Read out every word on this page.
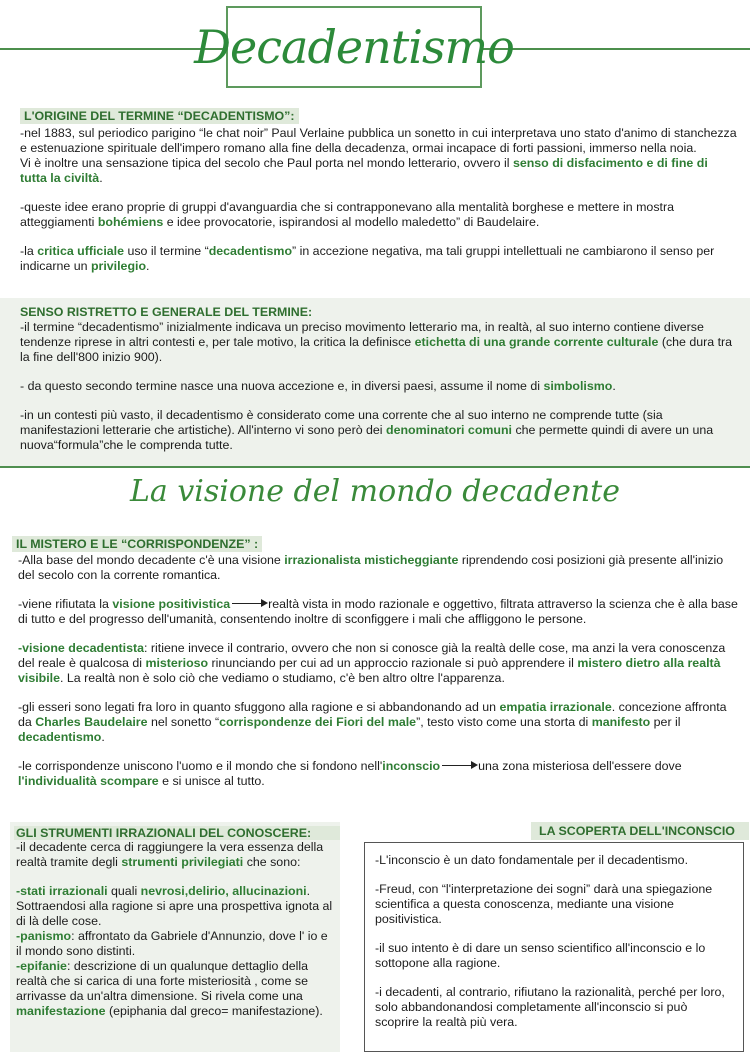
Decadentismo
L'ORIGINE DEL TERMINE “DECADENTISMO”:

-nel 1883, sul periodico parigino “le chat noir” Paul Verlaine pubblica un sonetto in cui interpretava uno stato d'animo di stanchezza e estenuazione spirituale dell'impero romano alla fine della decadenza, ormai incapace di forti passioni, immerso nella noia.

Vi è inoltre una sensazione tipica del secolo che Paul porta nel mondo letterario, ovvero il senso di disfacimento e di fine di tutta la civiltà.

-queste idee erano proprie di gruppi d'avanguardia che si contrapponevano alla mentalità borghese e mettere in mostra atteggiamenti bohémiens e idee provocatorie, ispirandosi al modello maledetto” di Baudelaire.

-la critica ufficiale uso il termine “decadentismo” in accezione negativa, ma tali gruppi intellettuali ne cambiarono il senso per indicarne un privilegio.

SENSO RISTRETTO E GENERALE DEL TERMINE:

-il termine “decadentismo” inizialmente indicava un preciso movimento letterario ma, in realtà, al suo interno contiene diverse tendenze riprese in altri contesti e, per tale motivo, la critica la definisce etichetta di una grande corrente culturale (che dura tra la fine dell'800 inizio 900).

- da questo secondo termine nasce una nuova accezione e, in diversi paesi, assume il nome di simbolismo.

-in un contesti più vasto, il decadentismo è considerato come una corrente che al suo interno ne comprende tutte (sia manifestazioni letterarie che artistiche). All'interno vi sono però dei denominatori comuni che permette quindi di avere un una nuova“formula”che le comprenda tutte.

La visione del mondo decadente
IL MISTERO E LE “CORRISPONDENZE” :

-Alla base del mondo decadente c'è una visione irrazionalista misticheggiante riprendendo cosi posizioni già presente all'inizio del secolo con la corrente romantica.

-viene rifiutata la visione positivistica	realtà vista in modo razionale e oggettivo, filtrata attraverso la scienza che è alla base di tutto e del progresso dell'umanità, consentendo inoltre di sconfiggere i mali che affliggono le persone.

-visione decadentista: ritiene invece il contrario, ovvero che non si conosce già la realtà delle cose, ma anzi la vera conoscenza del reale è qualcosa di misterioso rinunciando per cui ad un approccio razionale si può apprendere il mistero dietro alla realtà visibile. La realtà non è solo ciò che vediamo o studiamo, c'è ben altro oltre l'apparenza.

-gli esseri sono legati fra loro in quanto sfuggono alla ragione e si abbandonando ad un empatia irrazionale. concezione affronta da Charles Baudelaire nel sonetto “corrispondenze dei Fiori del male”, testo visto come una storta di manifesto per il decadentismo.

-le corrispondenze uniscono l'uomo e il mondo che si fondono nell'inconscio	una zona misteriosa dell'essere dove l'individualità scompare e si unisce al tutto.

GLI STRUMENTI IRRAZIONALI DEL CONOSCERE:

-il decadente cerca di raggiungere la vera essenza della realtà tramite degli strumenti privilegiati che sono:

-stati irrazionali quali nevrosi,delirio, allucinazioni. Sottraendosi alla ragione si apre una prospettiva ignota al di là delle cose.

-panismo: affrontato da Gabriele d'Annunzio, dove l' io e il mondo sono distinti.

-epifanie: descrizione di un qualunque dettaglio della realtà che si carica di una forte misteriosità , come se arrivasse da un'altra dimensione. Si rivela come una manifestazione (epiphania dal greco= manifestazione).

LA SCOPERTA DELL'INCONSCIO

-L'inconscio è un dato fondamentale per il decadentismo.

-Freud, con “l'interpretazione dei sogni” darà una spiegazione scientifica a questa conoscenza, mediante una visione positivistica.

-il suo intento è di dare un senso scientifico all'inconscio e lo sottopone alla ragione.

-i decadenti, al contrario, rifiutano la razionalità, perché per loro, solo abbandonandosi completamente all'inconscio si può scoprire la realtà più vera.
